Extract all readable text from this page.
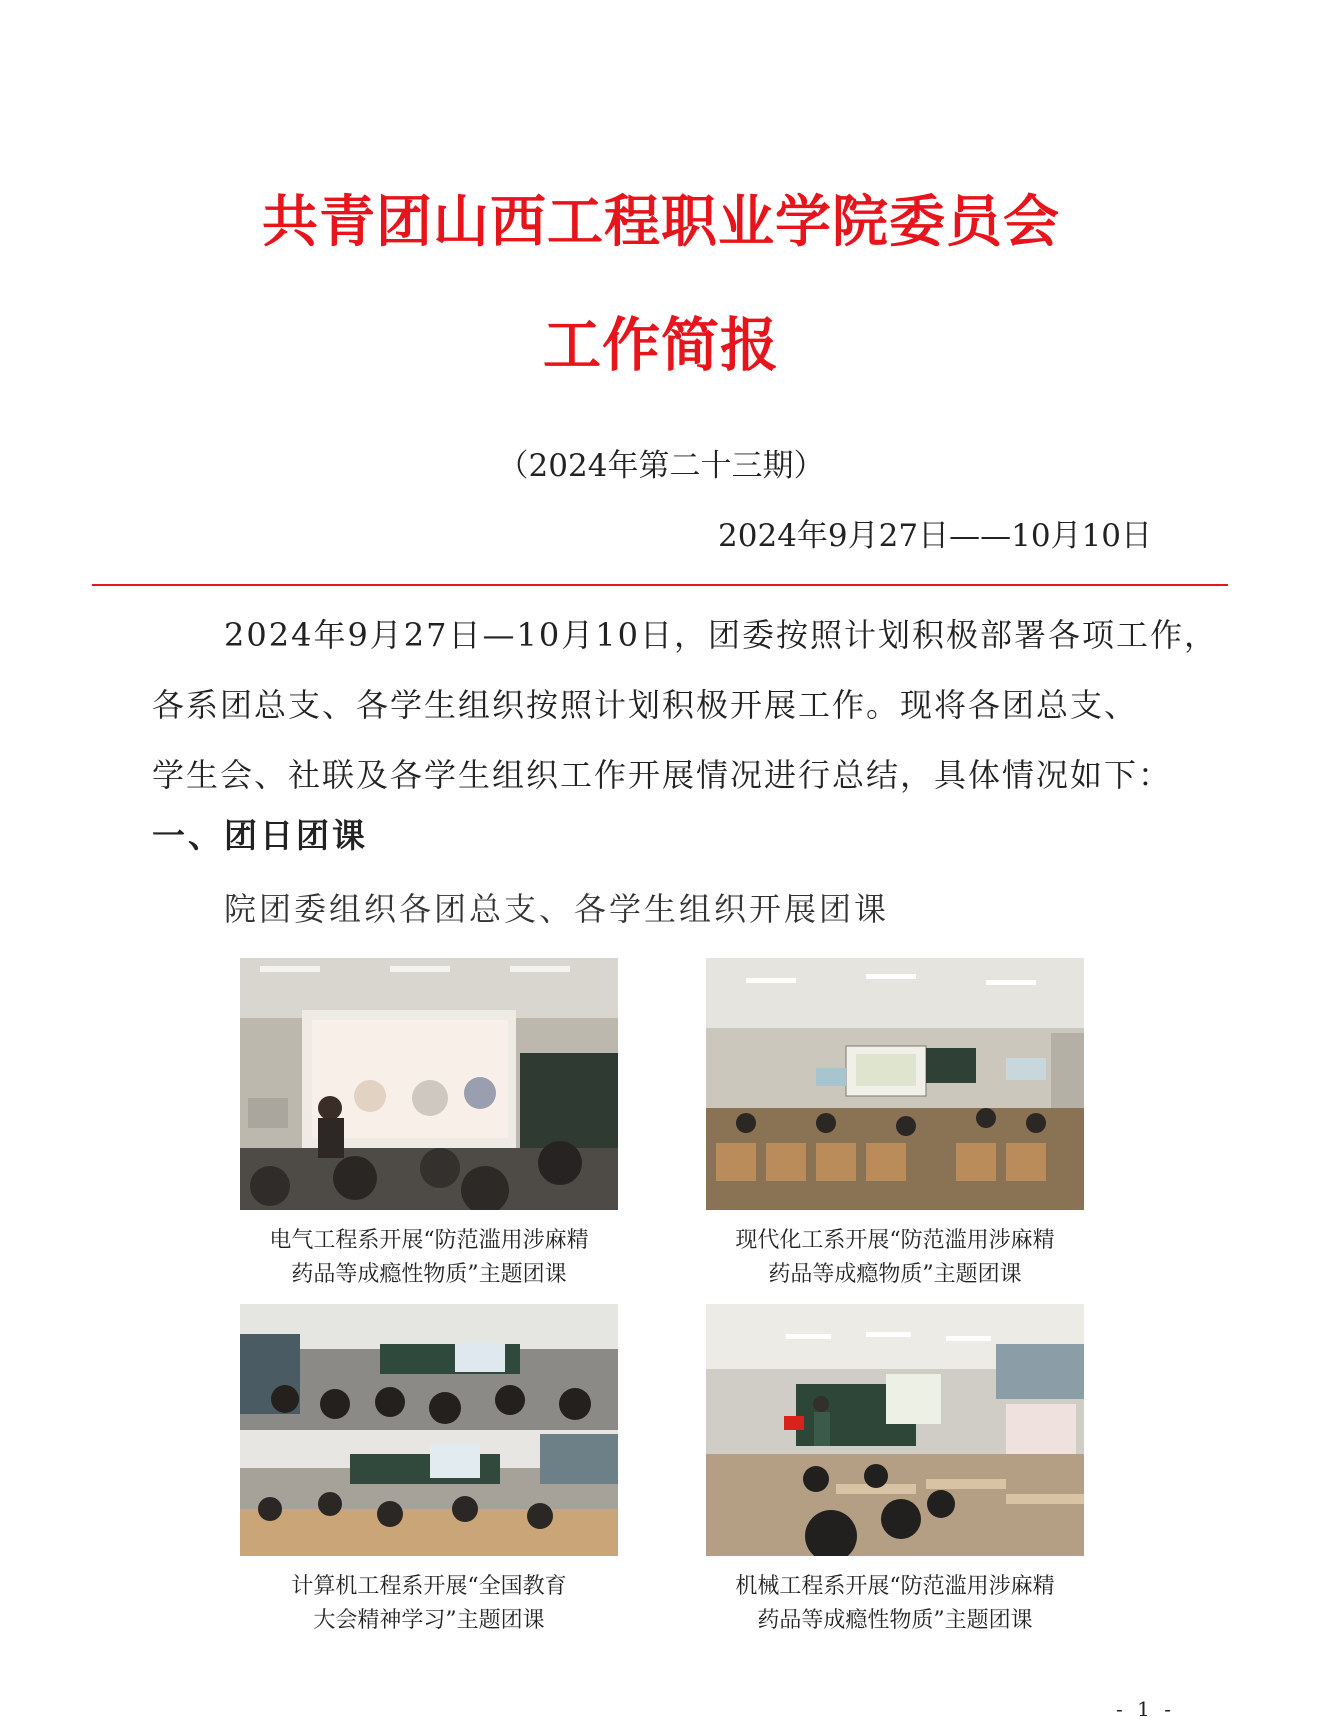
共青团山西工程职业学院委员会
工作简报
（2024年第二十三期）
2024年9月27日——10月10日
2024年9月27日—10月10日，团委按照计划积极部署各项工作，
各系团总支、各学生组织按照计划积极开展工作。现将各团总支、
学生会、社联及各学生组织工作开展情况进行总结，具体情况如下：
一、团日团课
院团委组织各团总支、各学生组织开展团课
电气工程系开展“防范滥用涉麻精
药品等成瘾性物质”主题团课
现代化工系开展“防范滥用涉麻精
药品等成瘾物质”主题团课
计算机工程系开展“全国教育
大会精神学习”主题团课
机械工程系开展“防范滥用涉麻精
药品等成瘾性物质”主题团课
- 1 -
